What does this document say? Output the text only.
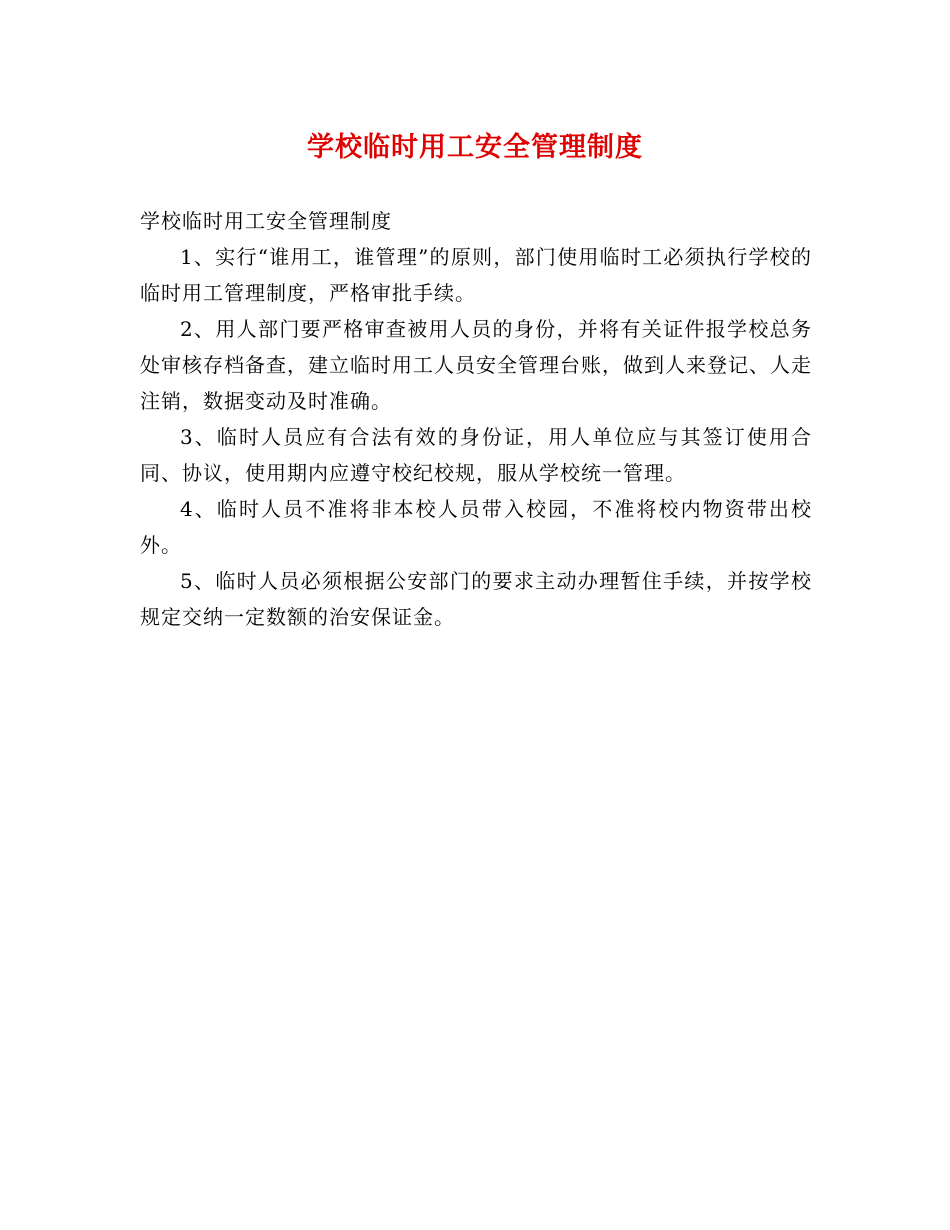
学校临时用工安全管理制度

学校临时用工安全管理制度

1、实行“谁用工，谁管理”的原则，部门使用临时工必须执行学校的临时用工管理制度，严格审批手续。

2、用人部门要严格审查被用人员的身份，并将有关证件报学校总务处审核存档备查，建立临时用工人员安全管理台账，做到人来登记、人走注销，数据变动及时准确。

3、临时人员应有合法有效的身份证，用人单位应与其签订使用合同、协议，使用期内应遵守校纪校规，服从学校统一管理。

4、临时人员不准将非本校人员带入校园，不准将校内物资带出校外。

5、临时人员必须根据公安部门的要求主动办理暂住手续，并按学校规定交纳一定数额的治安保证金。
